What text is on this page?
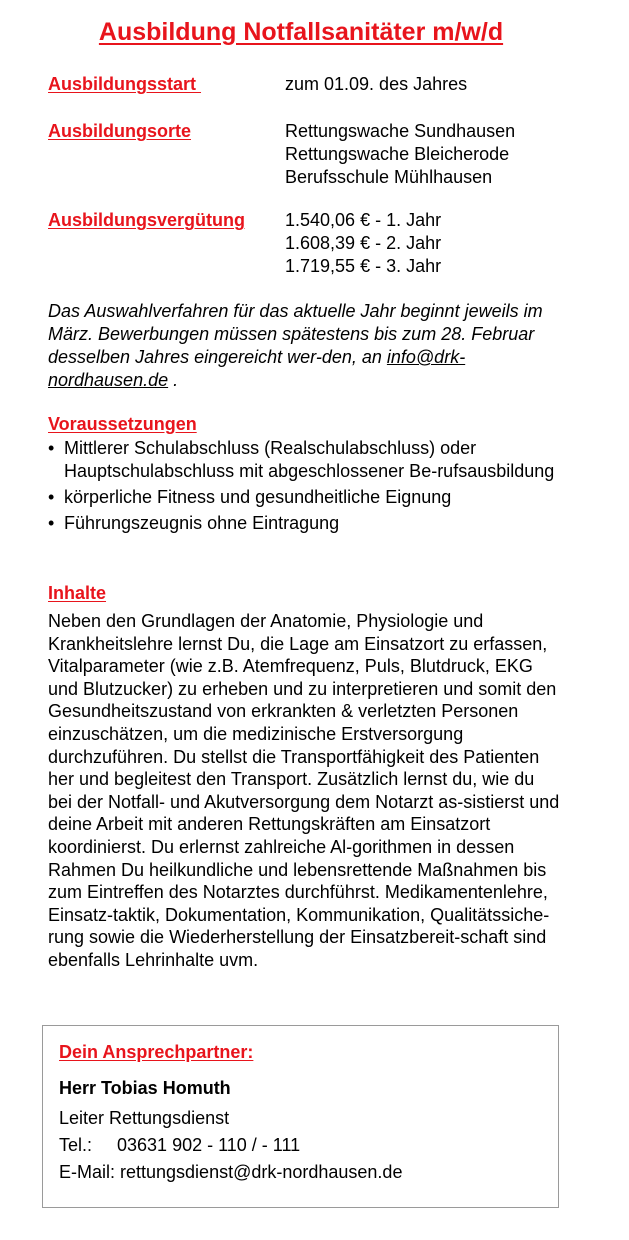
Ausbildung Notfallsanitäter m/w/d
Ausbildungsstart	zum 01.09. des Jahres
Ausbildungsorte	Rettungswache Sundhausen
Rettungswache Bleicherode
Berufsschule Mühlhausen
Ausbildungsvergütung 1.540,06 € - 1. Jahr
1.608,39 € - 2. Jahr
1.719,55 € - 3. Jahr

Das Auswahlverfahren für das aktuelle Jahr beginnt jeweils im März. Bewerbungen müssen spätestens bis zum 28. Februar desselben Jahres eingereicht wer-den, an info@drk-nordhausen.de .

Voraussetzungen
• Mittlerer Schulabschluss (Realschulabschluss) oder Hauptschulabschluss mit abgeschlossener Be-rufsausbildung
• körperliche Fitness und gesundheitliche Eignung
• Führungszeugnis ohne Eintragung
Inhalte

Neben den Grundlagen der Anatomie, Physiologie und Krankheitslehre lernst Du, die Lage am Einsatzort zu erfassen, Vitalparameter (wie z.B. Atemfrequenz, Puls, Blutdruck, EKG und Blutzucker) zu erheben und zu interpretieren und somit den Gesundheitszustand von erkrankten & verletzten Personen einzuschätzen, um die medizinische Erstversorgung durchzuführen. Du stellst die Transportfähigkeit des Patienten her und begleitest den Transport. Zusätzlich lernst du, wie du bei der Notfall- und Akutversorgung dem Notarzt as-sistierst und deine Arbeit mit anderen Rettungskräften am Einsatzort koordinierst. Du erlernst zahlreiche Al-gorithmen in dessen Rahmen Du heilkundliche und lebensrettende Maßnahmen bis zum Eintreffen des Notarztes durchführst. Medikamentenlehre, Einsatz-taktik, Dokumentation, Kommunikation, Qualitätssiche-rung sowie die Wiederherstellung der Einsatzbereit-schaft sind ebenfalls Lehrinhalte uvm.

Dein Ansprechpartner:
Herr Tobias Homuth
Leiter Rettungsdienst
Tel.:     03631 902 - 110 / - 111
E-Mail: rettungsdienst@drk-nordhausen.de
